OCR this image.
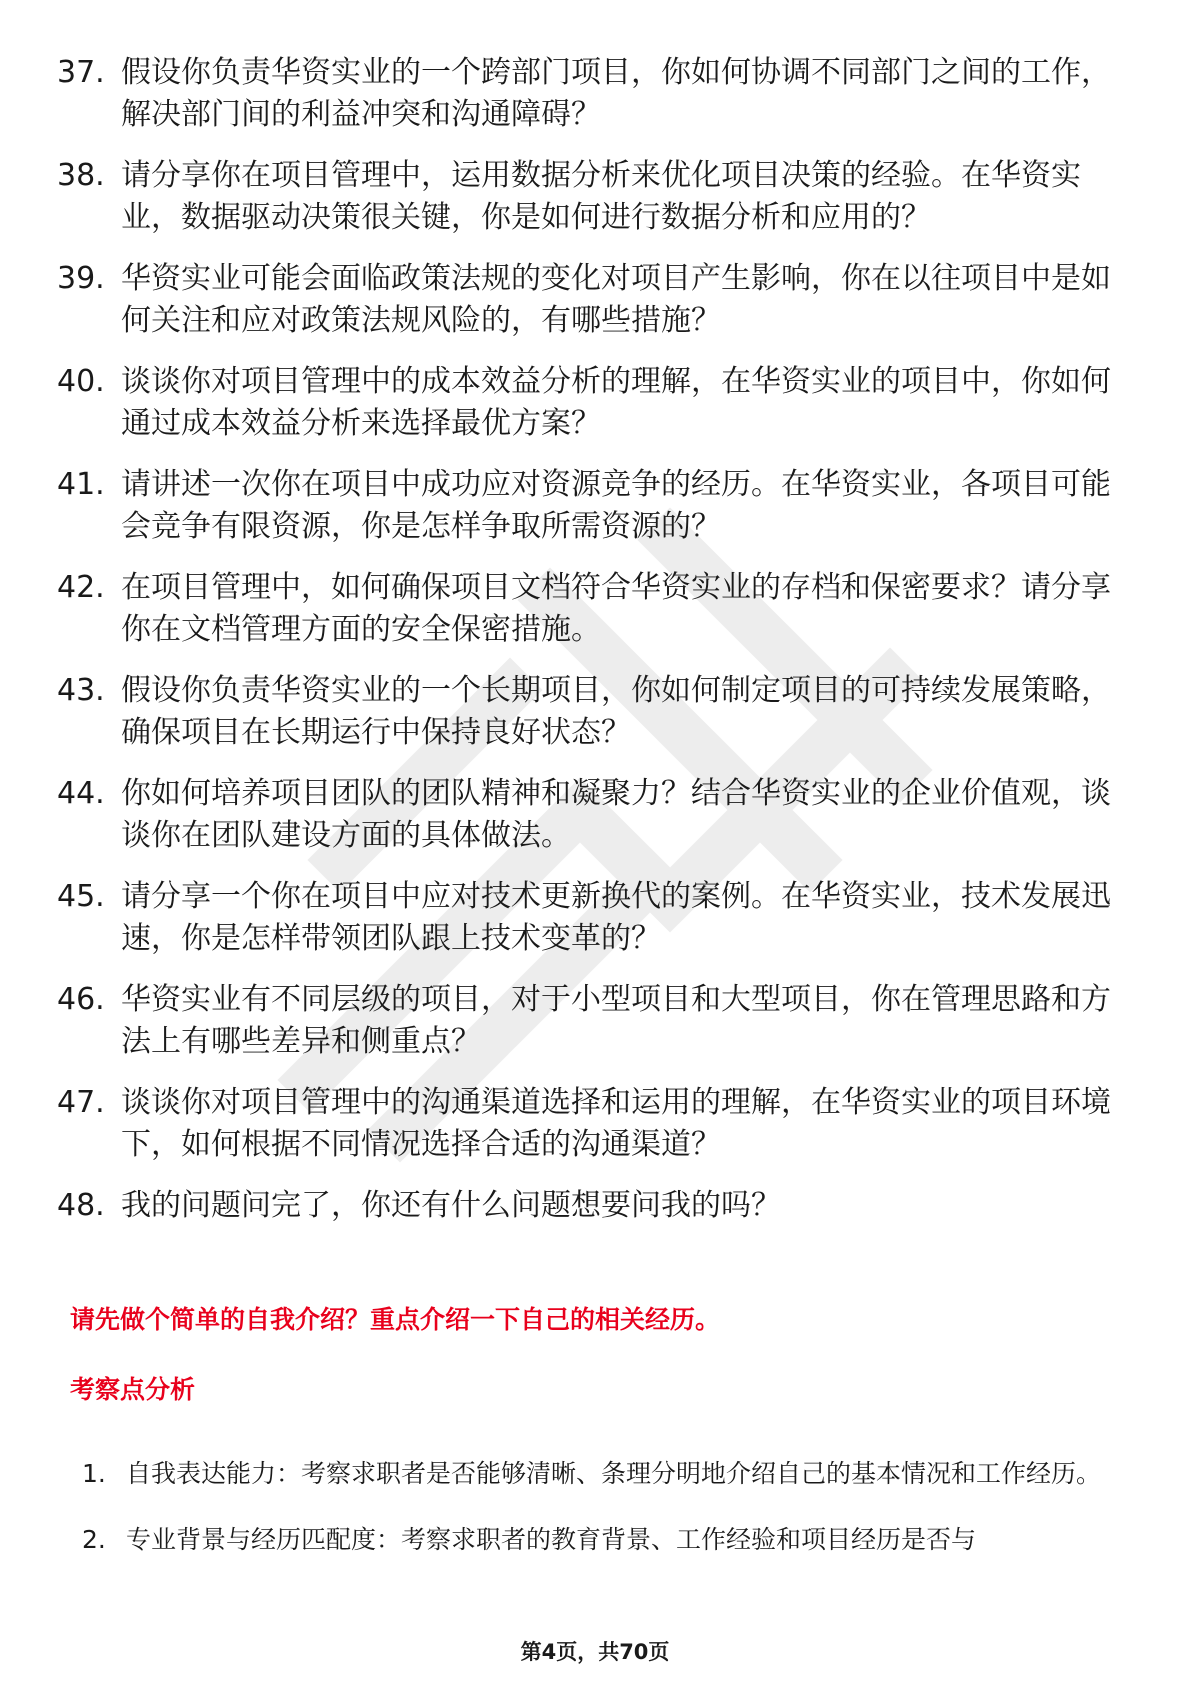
37. 假设你负责华资实业的一个跨部门项目，你如何协调不同部门之间的工作，解决部门间的利益冲突和沟通障碍？
38. 请分享你在项目管理中，运用数据分析来优化项目决策的经验。在华资实业，数据驱动决策很关键，你是如何进行数据分析和应用的？
39. 华资实业可能会面临政策法规的变化对项目产生影响，你在以往项目中是如何关注和应对政策法规风险的，有哪些措施？
40. 谈谈你对项目管理中的成本效益分析的理解，在华资实业的项目中，你如何通过成本效益分析来选择最优方案？
41. 请讲述一次你在项目中成功应对资源竞争的经历。在华资实业，各项目可能会竞争有限资源，你是怎样争取所需资源的？
42. 在项目管理中，如何确保项目文档符合华资实业的存档和保密要求？请分享你在文档管理方面的安全保密措施。
43. 假设你负责华资实业的一个长期项目，你如何制定项目的可持续发展策略，确保项目在长期运行中保持良好状态？
44. 你如何培养项目团队的团队精神和凝聚力？结合华资实业的企业价值观，谈谈你在团队建设方面的具体做法。
45. 请分享一个你在项目中应对技术更新换代的案例。在华资实业，技术发展迅速，你是怎样带领团队跟上技术变革的？
46. 华资实业有不同层级的项目，对于小型项目和大型项目，你在管理思路和方法上有哪些差异和侧重点？
47. 谈谈你对项目管理中的沟通渠道选择和运用的理解，在华资实业的项目环境下，如何根据不同情况选择合适的沟通渠道？
48. 我的问题问完了，你还有什么问题想要问我的吗？
请先做个简单的自我介绍？重点介绍一下自己的相关经历。
考察点分析
1. 自我表达能力：考察求职者是否能够清晰、条理分明地介绍自己的基本情况和工作经历。
2. 专业背景与经历匹配度：考察求职者的教育背景、工作经验和项目经历是否与
第4页，共70页
